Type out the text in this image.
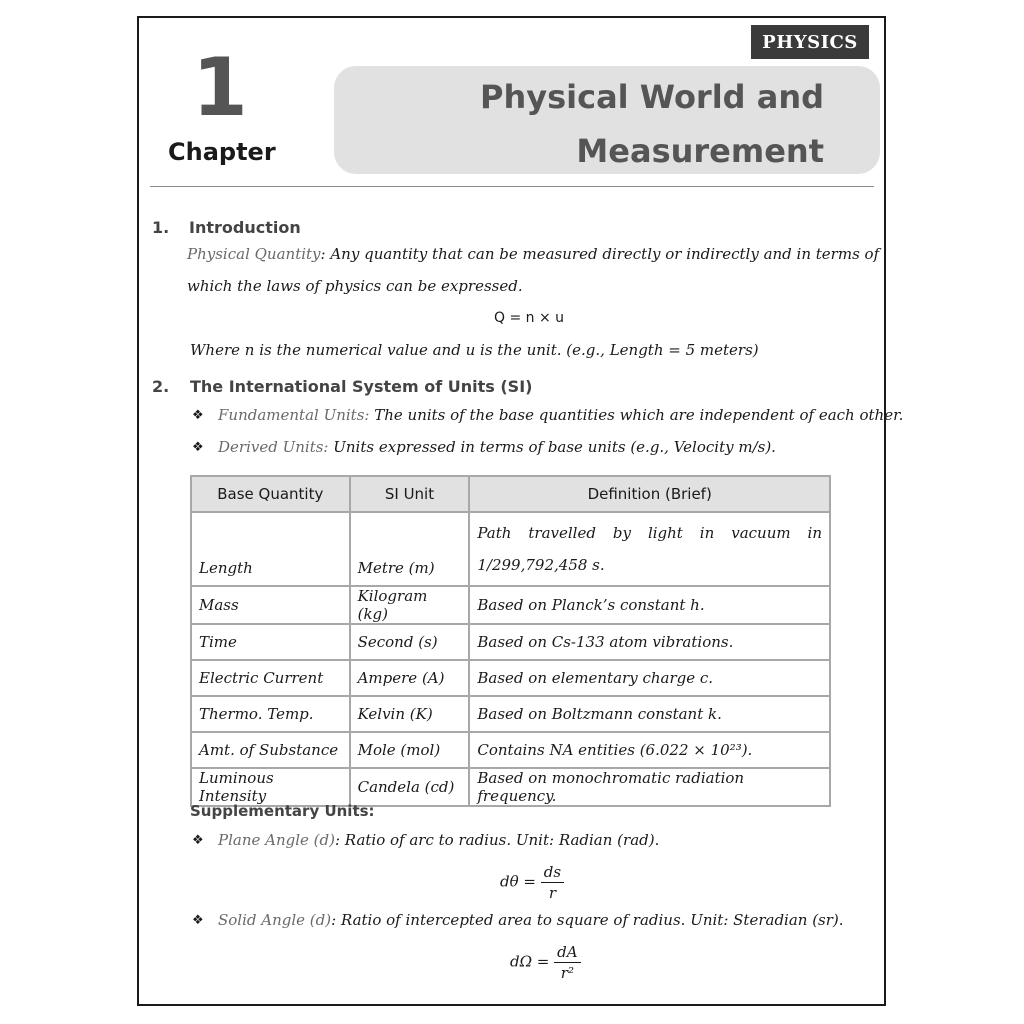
PHYSICS
1
Chapter
Physical World and
Measurement
1. Introduction
Physical Quantity: Any quantity that can be measured directly or indirectly and in terms of
which the laws of physics can be expressed.
Q = n × u
Where n is the numerical value and u is the unit. (e.g., Length = 5 meters)
2. The International System of Units (SI)
❖ Fundamental Units: The units of the base quantities which are independent of each other.
❖ Derived Units: Units expressed in terms of base units (e.g., Velocity m/s).
Base Quantity	SI Unit	Definition (Brief)
Length	Metre (m)	Path travelled by light in vacuum in 1/299,792,458 s.

Mass	Kilogram (kg)	Based on Planck’s constant h.
Time	Second (s)	Based on Cs-133 atom vibrations.
Electric Current	Ampere (A)	Based on elementary charge c.
Thermo. Temp.	Kelvin (K)	Based on Boltzmann constant k.
Amt. of Substance	Mole (mol)	Contains NA entities (6.022 × 10²³).
Luminous Intensity	Candela (cd)	Based on monochromatic radiation frequency.
Supplementary Units:
❖ Plane Angle (d): Ratio of arc to radius. Unit: Radian (rad).
$d\theta = \frac{ds}{r}$
❖ Solid Angle (d): Ratio of intercepted area to square of radius. Unit: Steradian (sr).
$d\Omega = \frac{dA}{\text{r²}}$
